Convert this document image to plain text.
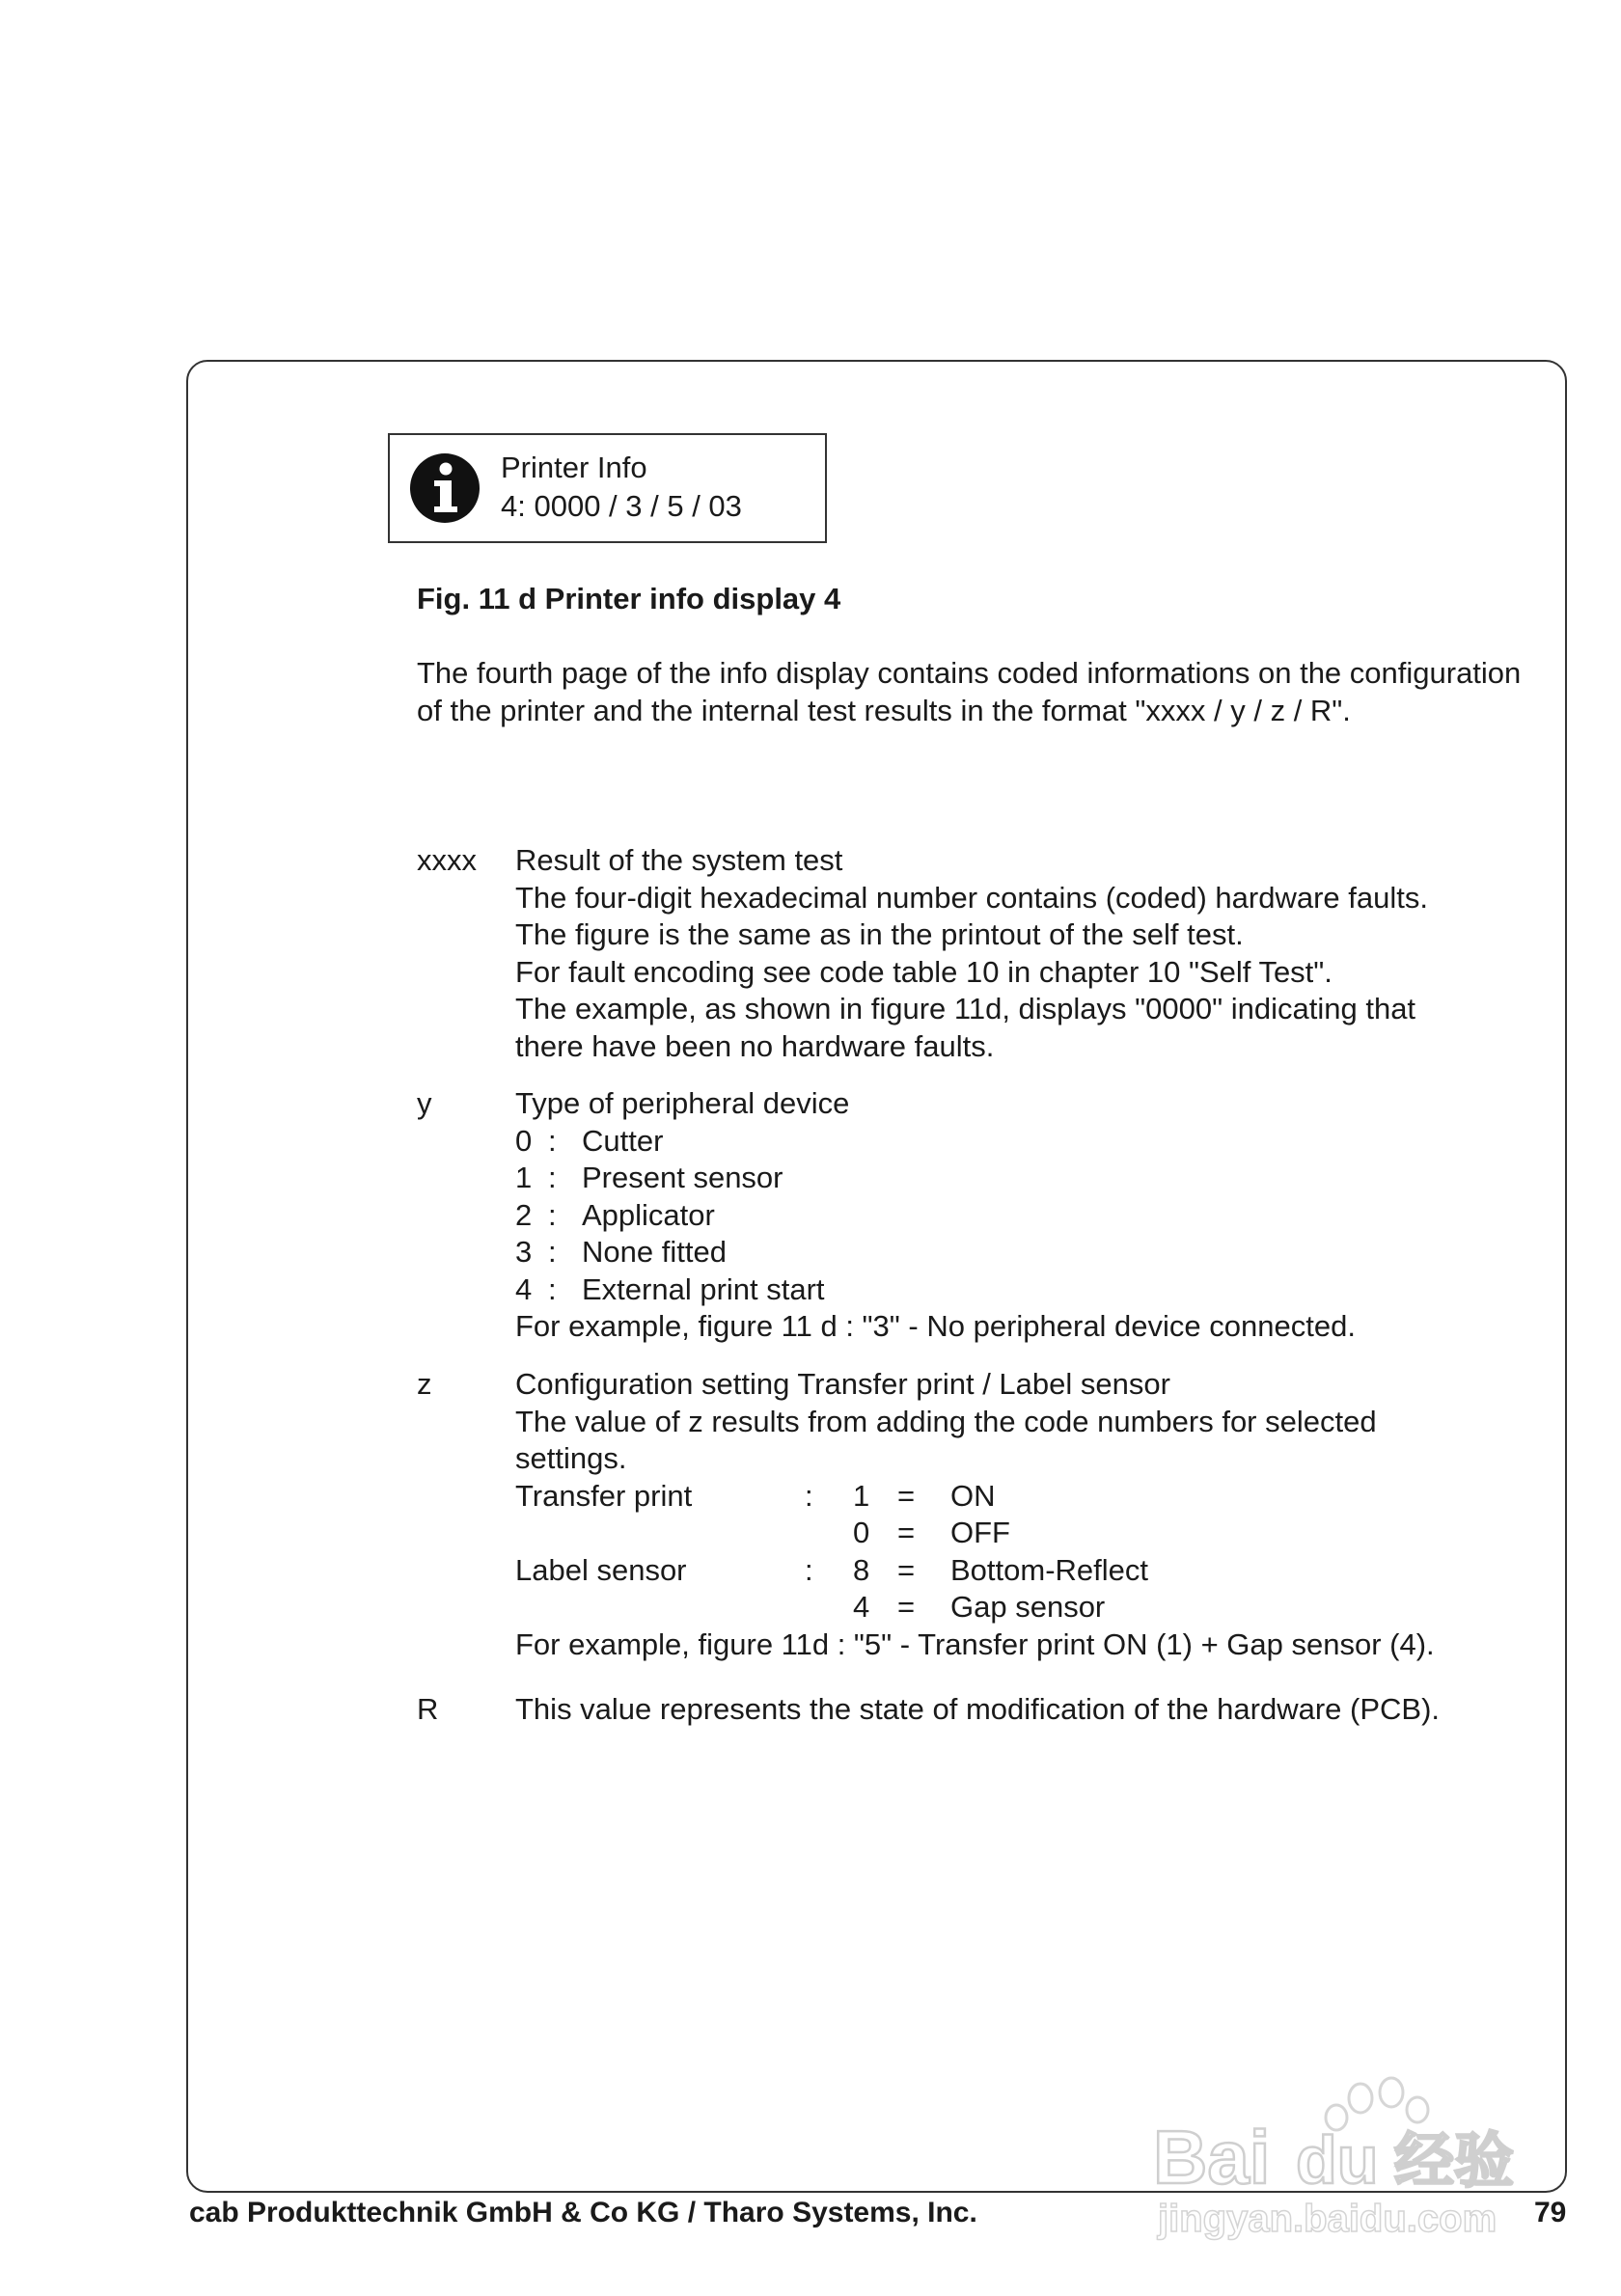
Printer Info
4: 0000 / 3 / 5 / 03
Fig. 11 d Printer info display 4
The fourth page of the info display contains coded informations on the configuration of the printer and the internal test results in the format "xxxx / y / z / R".
xxxx	Result of the system test
The four-digit hexadecimal number contains (coded) hardware faults.
The figure is the same as in the printout of the self test.
For fault encoding see code table 10 in chapter 10 "Self Test".
The example, as shown in figure 11d, displays "0000" indicating that
there have been no hardware faults.
y	Type of peripheral device
0 : Cutter
1 : Present sensor
2 : Applicator
3 : None fitted
4 : External print start
For example, figure 11 d : "3" - No peripheral device connected.
z	Configuration setting Transfer print / Label sensor
The value of z results from adding the code numbers for selected
settings.
Transfer print	:	1 =	ON
0 =	OFF
Label sensor	:	8 =	Bottom-Reflect
4 =	Gap sensor
For example, figure 11d : "5" - Transfer print ON (1) + Gap sensor (4).
R	This value represents the state of modification of the hardware (PCB).
Bai du 经验
jingyan.baidu.com
cab Produkttechnik GmbH & Co KG / Tharo Systems, Inc.	79
